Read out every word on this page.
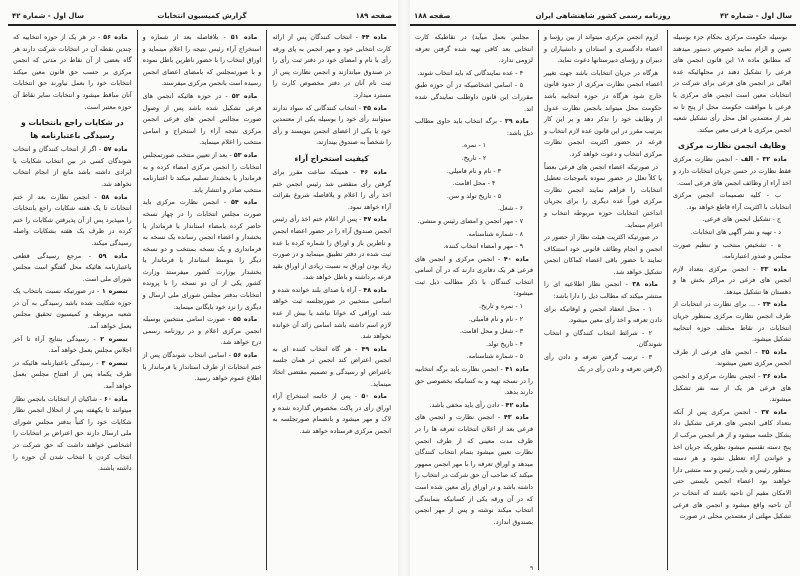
سال اول - شماره ۴۲	گزارش کمیسیون انتخابات	صفحه ۱۸۹

ماده ۴۴ - انتخاب کنندگان پس از ارائه کارت انتخابی خود و مهر انجمن به پای ورقه رأی با نام و امضای خود در دفتر ثبت رأی را در صندوق میاندازند و انجمن نظارت پس از ثبت نام آنان در دفتر مخصوص کارت را مسترد میدارد.

ماده ۴۵ - انتخاب کنندگانی که سواد ندارند میتوانند رأی خود را بوسیله یکی از معتمدین خود یا یکی از اعضای انجمن بنویسند و رأی را شخصاً به صندوق بیندازند.

کیفیت استخراج آراء

ماده ۴۶ - همینکه ساعت مقرر برای گرفتن رأی منقضی شد رئیس انجمن ختم اخذ رأی را اعلام و بلافاصله شروع بقرائت آراء خواهد نمود.

ماده ۴۷ - پس از اعلام ختم اخذ رأی رئیس انجمن صندوق آراء را در حضور اعضاء انجمن و ناظرین باز و اوراق را شماره کرده با عده ثبت شده در دفتر تطبیق مینماید و در صورت زیاد بودن اوراق به نسبت زیادی از اوراق بقید قرعه برداشته و باطل خواهد شد.

ماده ۴۸ - آراء با صدای بلند خوانده شده و اسامی منتخبین در صورتجلسه ثبت خواهد شد. اوراقی که خوانا نباشد یا بیش از عده لازم اسم داشته باشد اسامی زائد آن خوانده نخواهد شد.

ماده ۴۹ - هر گاه انتخاب کننده ای به انجمن اعتراض کند انجمن در همان جلسه باعتراض او رسیدگی و تصمیم مقتضی اتخاذ مینماید.

ماده ۵۰ - پس از خاتمه استخراج آراء اوراق رأی در پاکت مخصوص گذارده شده و لاک و مهر میشود و بانضمام صورتجلسه به انجمن مرکزی فرستاده خواهد شد.

ماده ۵۱ - بلافاصله بعد از شماره و استخراج آراء رئیس نتیجه را اعلام مینماید و اوراق انتخاب را با حضور ناظرین باطل نموده و با صورتمجلس که بامضای اعضای انجمن رسیده است بانجمن مرکزی میفرستد.

ماده ۵۲ - در حوزه هائیکه انجمن های فرعی تشکیل شده باشد پس از وصول صورت مجالس انجمن های فرعی انجمن مرکزی نتیجه آراء را استخراج و اسامی منتخب را اعلام مینماید.

ماده ۵۳ - بعد از تعیین منتخب صورتمجلس انتخابات را انجمن مرکزی امضاء کرده و به فرماندار یا بخشدار تسلیم میکند تا اعتبارنامه منتخب صادر و انتشار یابد.

ماده ۵۴ - انجمن نظارت مرکزی باید صورت مجلس انتخابات را در چهار نسخه حاضر کرده بامضاء استاندار یا فرماندار یا بخشدار و اعضاء انجمن رسانده یک نسخه به فرمانداری و یک نسخه بمنتخب و دو نسخه دیگر را بتوسط استاندار یا فرماندار یا بخشدار بوزارت کشور میفرستد وزارت کشور یکی از آن دو نسخه را با پرونده انتخابات بدفتر مجلس شورای ملی ارسال و دیگری را نزد خود بایگانی مینماید.

ماده ۵۵ - صورت اسامی منتخبین بوسیله انجمن مرکزی اعلام و در روزنامه رسمی درج خواهد شد.

ماده ۵۶ - اسامی انتخاب شوندگان پس از ختم انتخابات از طرف استاندار یا فرماندار با اطلاع عموم خواهد رسید.

ماده ۵۶ - در هر یک از حوزه انتخابیه که چندین نقطه آن در انتخابات شرکت دارند هر گاه بعضی از آن نقاط در مدتی که انجمن مرکزی بر حسب حق قانون معین میکند انتخابات خود را بعمل نیاورند حق انتخابات آنان ساقط میشود و انتخابات سایر نقاط آن حوزه معتبر است.

در شکایات راجع بانتخابات و رسیدگی باعتبارنامه ها

ماده ۵۷ - اگر از انتخاب کنندگان و انتخاب شوندگان کسی در بین انتخاب شکایات یا ایرادی داشته باشد مانع از انجام انتخاب نخواهد شد.

ماده ۵۸ - انجمن نظارت بعد از ختم انتخابات تا یک هفته شکایات راجع بانتخابات را میپذیرد پس از آن پذیرفتن شکایات را ختم کرده در ظرف یک هفته بشکایات واصله رسیدگی میکند.

ماده ۵۹ - مرجع رسیدگی قطعی باعتبارنامه هائیکه محل گفتگو است مجلس شورای ملی است.

تبصره ۱ - در صورتیکه نسبت بانتخاب یک حوزه شکایت شده باشد رسیدگی به آن در شعبه مربوطه و کمیسیون تحقیق مجلس بعمل خواهد آمد.

تبصره ۲ - رسیدگی بنتایج آراء تا آخر اجلاس مجلس بعمل خواهد آمد.

تبصره ۳ - رسیدگی باعتبارنامه هائیکه در طرف یکماه پس از افتتاح مجلس بعمل خواهد آمد.

ماده ۶۰ - شاکیان از انتخابات بانجمن نظار میتوانند تا یکهفته پس از انحلال انجمن نظار شکایات خود را کتباً بدفتر مجلس شورای ملی ارسال دارند حق اعتراض بر انتخابات را اشخاصی خواهند داشت که حق شرکت در انتخاب کردن یا انتخاب شدن آن حوزه را داشته باشند.

صفحه ۱۸۸	روزنامه رسمی کشور شاهنشاهی ایران	سال اول - شماره ۴۲

بوسیله حکومت مرکزی بحکام جزء بوسیله تعیین و الزام نمایند خصوص دستور میدهند که مطابق ماده ۱۸ این قانون انجمن های فرعی را تشکیل دهند در محلهائیکه عده اهالی در انجمن های فرعی برای شرکت در انتخابات معین است انجمن های مرکزی یا فرعی با موافقت حکومت محل از پنج تا نه نفر از معتمدین اهل محل رأی تشکیل شعبه انجمن مرکزی یا فرعی معین میکند.

وظایف انجمن نظارت مرکزی

ماده ۳۲ - الف - انجمن نظارت مرکزی فقط نظارت در حسن جریان انتخابات دارد و اخذ آراء از وظائف انجمن های فرعی است.

ب - کلیه تصمیمات انجمن مرکزی انتخابات با اکثریت آراء قاطع خواهد بود.

ج - تشکیل انجمن های فرعی.

د - تهیه و نشر آگهی های انتخابات.

ه - تشخیص منتخب و تنظیم صورت مجلس و صدور اعتبارنامه.

ماده ۳۳ - انجمن مرکزی بتعداد لازم انجمن های فرعی در مراکز بخش ها و دهستان ها تشکیل میدهد.

ماده ۳۴ - ... برای نظارت در انتخابات از طرف انجمن نظارت مرکزی بمنظور جریان انتخابات در نقاط مختلف حوزه انتخابیه تشکیل میشود.

ماده ۳۵ - انجمن های فرعی از طرف انجمن مرکزی تعیین میشوند.

ماده ۳۶ - انجمن نظارت مرکزی و انجمن های فرعی هر یک از سه نفر تشکیل میشوند.

ماده ۳۷ - انجمن مرکزی پس از آنکه بتعداد کافی انجمن های فرعی تشکیل داد بشکل جلسه میشود و از هر انجمن مرکب از پنج دسته تقسیم میشود بطوریکه جریان اخذ و خواندن آراء تعطیل نشود و هر دسته بمنظور رئیس و نایب رئیس و سه منشی دارا خواهند بود اعضاء انجمن بایستی حتی الامکان مقیم آن ناحیه باشند که انتخاب در آن ناحیه واقع میشود و انجمن های فرعی تشکیل مهلتی از معتمدین محلی در صورت

لزوم انجمن مرکزی میتواند از بین رؤسا و اعضاء دادگستری و استادان و دانشیاران و دبیران و رؤسای دبیرستانها دعوت نماید.

هرگاه در جریان انتخابات باشد جهت تغییر اعضاء انجمن نظارت مرکزی از حدود قانون خارج شود هرگاه در حوزه انتخابیه باشد حکومت محل میتواند بانجمن نظارت عدول از وظایف خود را تذکر دهد و بر این کار بترتیب مقرر در این قانون عده لازم انتخاب و قرعه در حضور اکثریت انجمن نظارت مرکزی انتخاب و دعوت خواهد کرد.

در صورتیکه اعضاء انجمن های فرعی بعضاً یا کلاً تعلل در حضور نموده باموجبات تعطیل انتخابات را فراهم نمایند انجمن نظارت مرکزی فوراً عده دیگری را برای بجریان انداختن انتخابات حوزه مربوطه انتخاب و اعزام مینماید.

در صورتیکه اکثریت هیئت نظار از حضور در انجمن و انجام وظائف قانونی خود استنکاف نمایند با حضور باقی اعضاء کماکان انجمن تشکیل خواهد شد.

ماده ۳۸ - انجمن نظار اطلاعیه ای را منتشر میکند که مطالب ذیل را دارا باشد:

۱ - محل انعقاد انجمن و اوقاتیکه برای دادن تعرفه و اخذ رأی معین میشود.

۲ - شرائط انتخاب کنندگان و انتخاب شوندگان.

۳ - ترتیب گرفتن تعرفه و دادن رأی (گرفتن تعرفه و دادن رأی در یک

مجلس بعمل میآید) در نقاطیکه کارت انتخابی بعد کافی تهیه شده گرفتن تعرفه لزومی ندارد.

۴ - عده نمایندگانی که باید انتخاب شوند.

۵ - اسامی اشخاصیکه در آن حوزه طبق مقررات این قانون داوطلب نمایندگی شده اند.

ماده ۳۹ - برگه انتخاب باید حاوی مطالب ذیل باشد:

۱ - نمره.

۲ - تاریخ.

۳ - نام و نام فامیلی.

۴ - محل اقامت.

۵ - تاریخ تولد و سن.

۶ - شغل.

۷ - مهر انجمن و امضای رئیس و منشی.

۸ - شماره شناسنامه.

۹ - مهر و امضاء انتخاب کننده.

ماده ۴۰ - انجمن مرکزی و انجمن های فرعی هر یک دفاتری دارند که در آن اسامی انتخاب کنندگان با ذکر مطالب ذیل ثبت میشود:

۱ - نمره و تاریخ.

۲ - نام و نام فامیلی.

۳ - شغل و محل اقامت.

۴ - تاریخ تولد.

۵ - شماره شناسنامه.

ماده ۴۱ - انجمن نظارت باید برگه انتخابیه را در نسخه تهیه و به کسانیکه بخصوصی حق دارند بدهد.

ماده ۴۲ - دادن رأی باید مخفی باشد.

ماده ۴۳ - انجمن نظارت و انجمن های فرعی بعد از اعلان انتخابات تعرفه ها را در ظرف مدت معینی که از طرف انجمن نظارت تعیین میشود بتمام انتخاب کنندگان میدهد و اوراق تعرفه را با مهر انجمن ممهور میکند که صاحب آن حق شرکت در انتخاب را داشته باشد و در اوراق رأی معین شده است که در آن ورقه یکی از کسانیکه بنمایندگی انتخاب میکند نوشته و پس از مهر انجمن بصندوق اندازد.

۹
